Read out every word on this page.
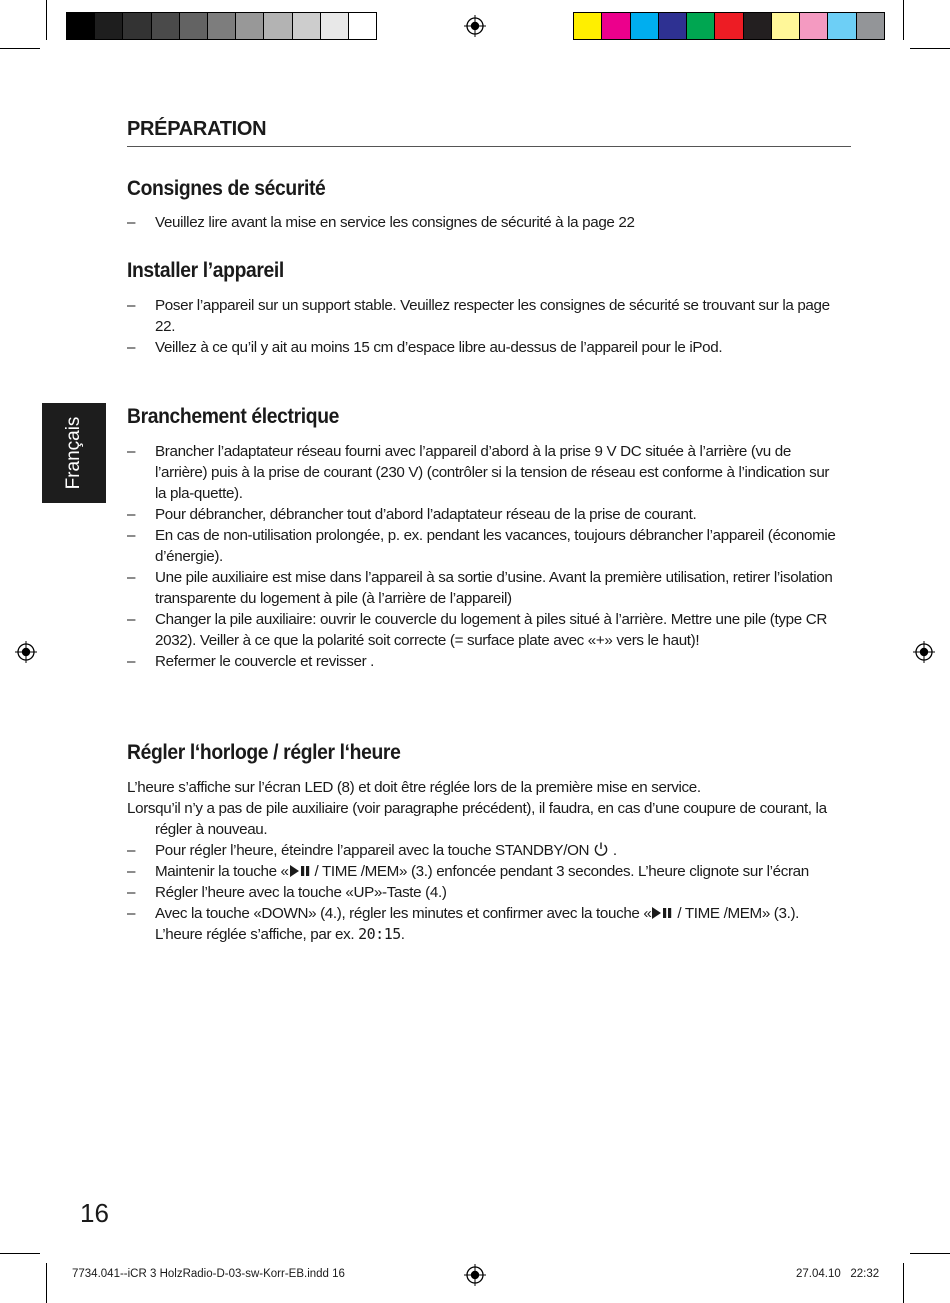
PRÉPARATION
Français
Consignes de sécurité
– Veuillez lire avant la mise en service les consignes de sécurité à la page 22
Installer l’appareil
– Poser l’appareil sur un support stable. Veuillez respecter les consignes de sécurité se trouvant sur la page 22.
– Veillez à ce qu’il y ait au moins 15 cm d’espace libre au-dessus de l’appareil pour le iPod.
Branchement électrique
– Brancher l’adaptateur réseau fourni avec l’appareil d’abord à la prise 9 V DC située à l’arrière (vu de l’arrière) puis à la prise de courant (230 V) (contrôler si la tension de réseau est conforme à l’indication sur la pla-quette).
– Pour débrancher, débrancher tout d’abord l’adaptateur réseau de la prise de courant.
– En cas de non-utilisation prolongée, p. ex. pendant les vacances, toujours débrancher l’appareil (économie d’énergie).
– Une pile auxiliaire est mise dans l’appareil à sa sortie d’usine. Avant la première utilisation, retirer l’isolation transparente du logement à pile (à l’arrière de l’appareil)
– Changer la pile auxiliaire: ouvrir le couvercle du logement à piles situé à l’arrière. Mettre une pile (type CR 2032). Veiller à ce que la polarité soit correcte (= surface plate avec «+» vers le haut)!
– Refermer le couvercle et revisser .
Régler l‘horloge / régler l‘heure

L’heure s’affiche sur l’écran LED (8) et doit être réglée lors de la première mise en service.

Lorsqu’il n’y a pas de pile auxiliaire (voir paragraphe précédent), il faudra, en cas d’une coupure de courant, la régler à nouveau.

– Pour régler l’heure, éteindre l’appareil avec la touche STANDBY/ON .
– Maintenir la touche « / TIME /MEM» (3.) enfoncée pendant 3 secondes. L’heure clignote sur l’écran
– Régler l’heure avec la touche «UP»-Taste (4.)
– Avec la touche «DOWN» (4.), régler les minutes et confirmer avec la touche « / TIME /MEM» (3.). L’heure réglée s’affiche, par ex. 20:15.
16
7734.041--iCR 3 HolzRadio-D-03-sw-Korr-EB.indd 16	27.04.10   22:32
